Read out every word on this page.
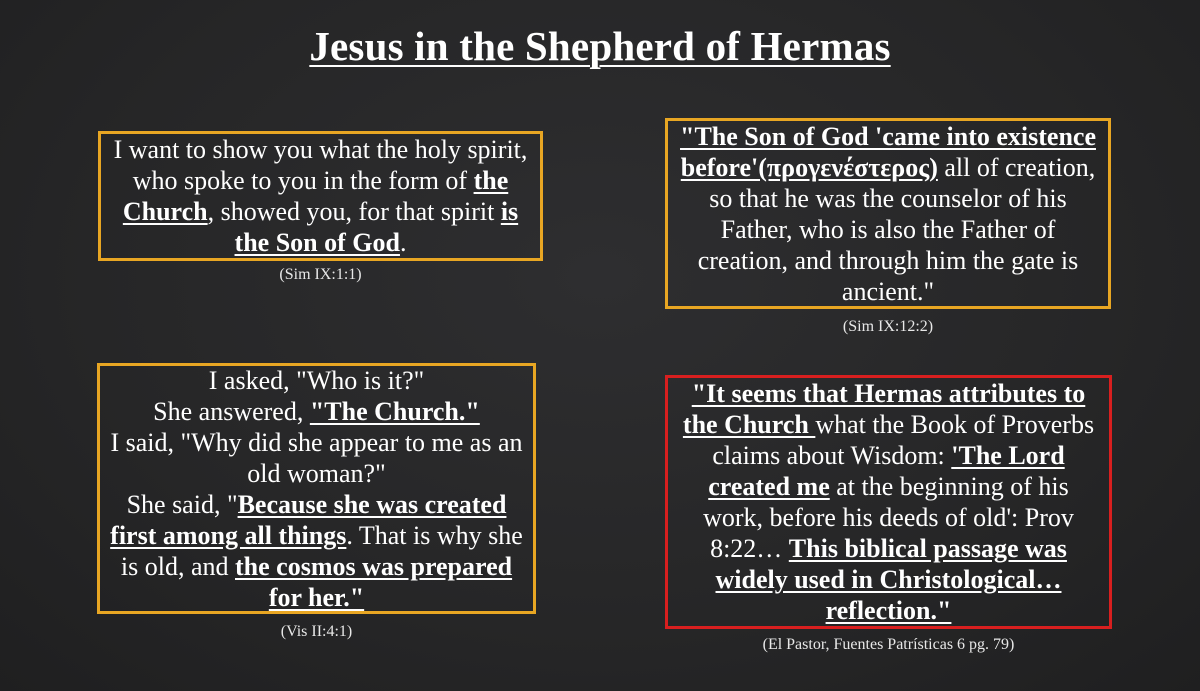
Jesus in the Shepherd of Hermas
I want to show you what the holy spirit, who spoke to you in the form of the Church, showed you, for that spirit is the Son of God.
(Sim IX:1:1)
"The Son of God 'came into existence before'(προγενέστερος) all of creation, so that he was the counselor of his Father, who is also the Father of creation, and through him the gate is ancient."
(Sim IX:12:2)
I asked, "Who is it?"
She answered, "The Church."
I said, "Why did she appear to me as an old woman?"
She said, "Because she was created first among all things. That is why she is old, and the cosmos was prepared for her."
(Vis II:4:1)
"It seems that Hermas attributes to the Church what the Book of Proverbs claims about Wisdom: 'The Lord created me at the beginning of his work, before his deeds of old': Prov 8:22… This biblical passage was widely used in Christological… reflection."
(El Pastor, Fuentes Patrísticas 6 pg. 79)
